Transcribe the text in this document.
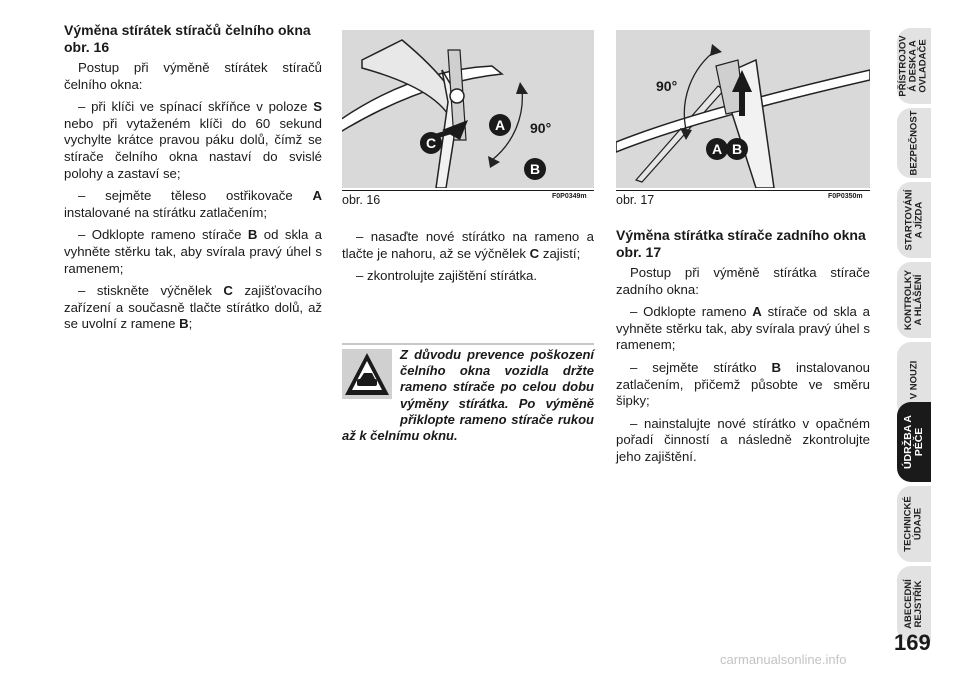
Výměna stírátek stíračů čelního okna obr. 16

Postup při výměně stírátek stíračů čelního okna:

– při klíči ve spínací skříňce v poloze S nebo při vytaženém klíči do 60 sekund vychylte krátce pravou páku dolů, čímž se stírače čelního okna nastaví do svislé polohy a zastaví se;

– sejměte těleso ostřikovače A instalované na stírátku zatlačením;

– Odklopte rameno stírače B od skla a vyhněte stěrku tak, aby svírala pravý úhel s ramenem;

– stiskněte výčnělek C zajišťovacího zařízení a současně tlačte stírátko dolů, až se uvolní z ramene B;

A
B
C
90°
obr. 16	F0P0349m
A B
90°
obr. 17	F0P0350m

– nasaďte nové stírátko na rameno a tlačte je nahoru, až se výčnělek C zajistí;

– zkontrolujte zajištění stírátka.

Z důvodu prevence poškození čelního okna vozidla držte rameno stírače po celou dobu výměny stírátka. Po výměně přiklopte rameno stírače rukou až k čelnímu oknu.
Výměna stírátka stírače zadního okna obr. 17

Postup při výměně stírátka stírače zadního okna:

– Odklopte rameno A stírače od skla a vyhněte stěrku tak, aby svírala pravý úhel s ramenem;

– sejměte stírátko B instalovanou zatlačením, přičemž působte ve směru šipky;

– nainstalujte nové stírátko v opačném pořadí činností a následně zkontrolujte jeho zajištění.

PŘÍSTROJOV
Á DESKA A
OVLADAČE
BEZPEČNOST
STARTOVÁNÍ
A JÍZDA
KONTROLKY
A HLÁŠENÍ
V NOUZI
ÚDRŽBA A
PÉČE
TECHNICKÉ
ÚDAJE
ABECEDNÍ
REJSTŘÍK
169
carmanualsonline.info
